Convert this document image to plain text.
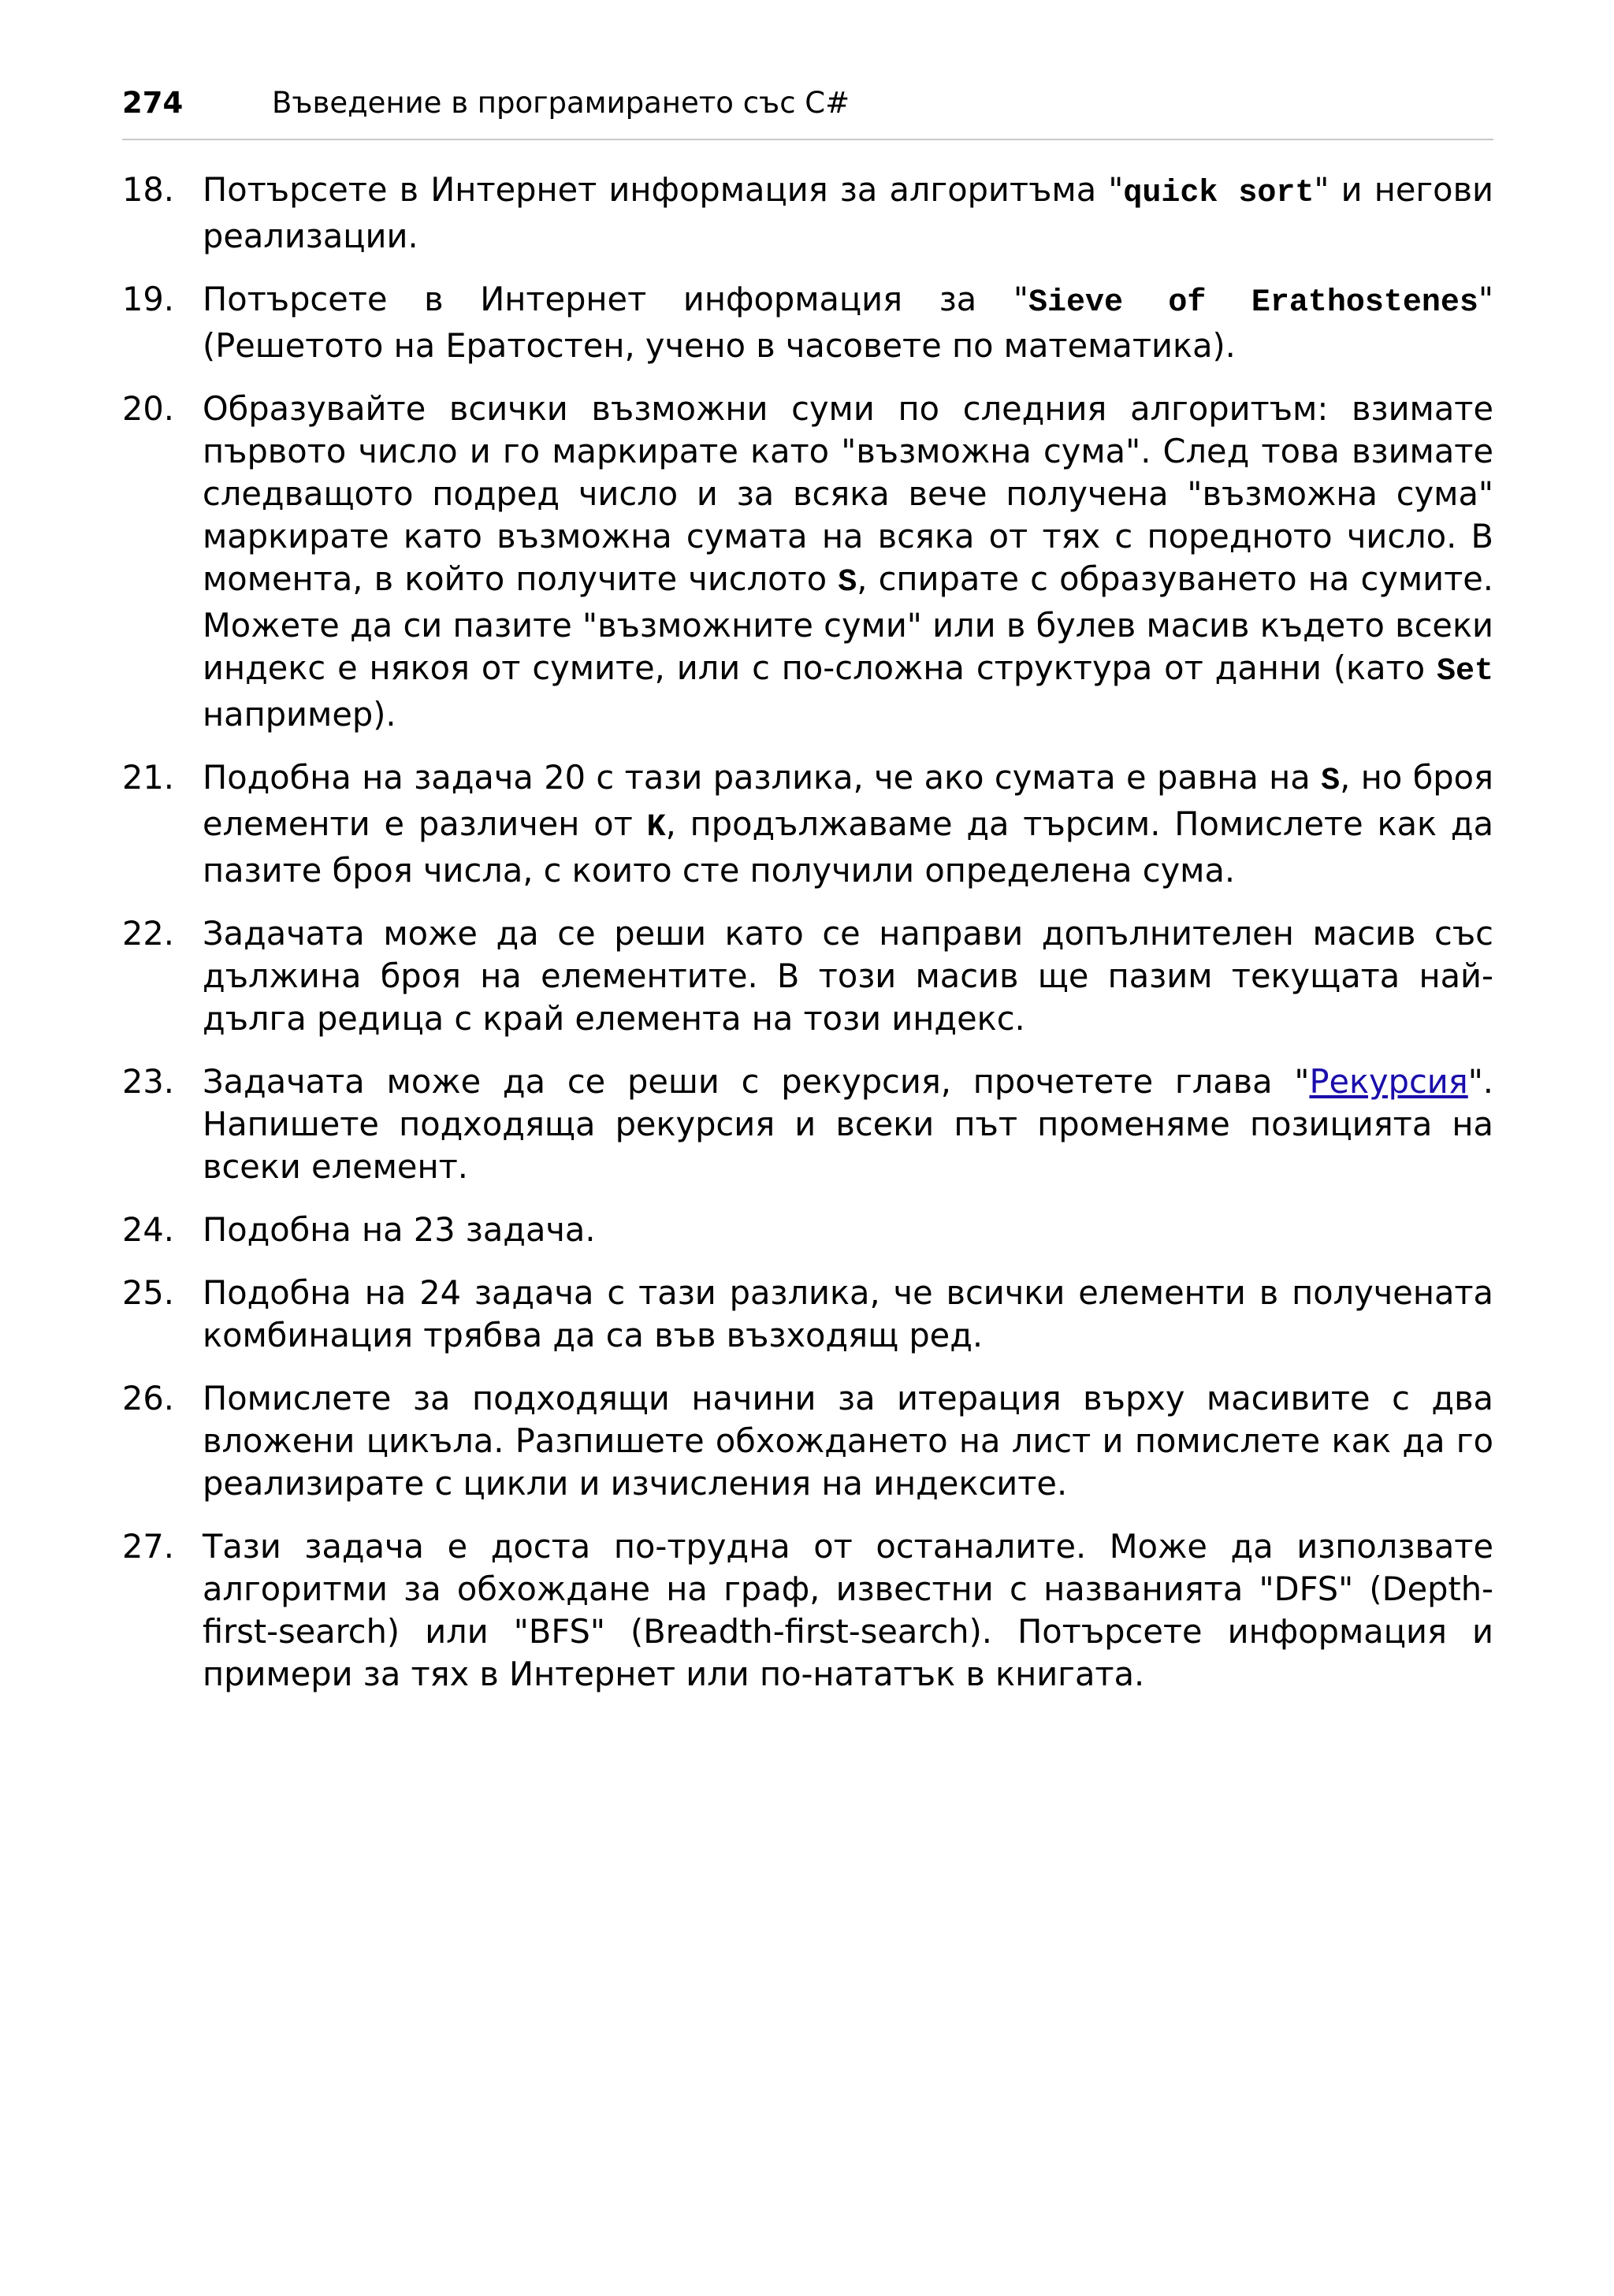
274	Въведение в програмирането със C#
18. Потърсете в Интернет информация за алгоритъма "quick sort" и негови реализации.
19. Потърсете в Интернет информация за "Sieve of Erathostenes" (Решетото на Ератостен, учено в часовете по математика).
20. Образувайте всички възможни суми по следния алгоритъм: взимате първото число и го маркирате като "възможна сума". След това взимате следващото подред число и за всяка вече получена "възможна сума" маркирате като възможна сумата на всяка от тях с поредното число. В момента, в който получите числото S, спирате с образуването на сумите. Можете да си пазите "възможните суми" или в булев масив където всеки индекс е някоя от сумите, или с по-сложна структура от данни (като Set например).
21. Подобна на задача 20 с тази разлика, че ако сумата е равна на S, но броя елементи е различен от K, продължаваме да търсим. Помислете как да пазите броя числа, с които сте получили определена сума.
22. Задачата може да се реши като се направи допълнителен масив със дължина броя на елементите. В този масив ще пазим текущата най-дълга редица с край елемента на този индекс.
23. Задачата може да се реши с рекурсия, прочетете глава "Рекурсия". Напишете подходяща рекурсия и всеки път променяме позицията на всеки елемент.
24. Подобна на 23 задача.
25. Подобна на 24 задача с тази разлика, че всички елементи в получената комбинация трябва да са във възходящ ред.
26. Помислете за подходящи начини за итерация върху масивите с два вложени цикъла. Разпишете обхождането на лист и помислете как да го реализирате с цикли и изчисления на индексите.
27. Тази задача е доста по-трудна от останалите. Може да използвате алгоритми за обхождане на граф, известни с названията "DFS" (Depth-first-search) или "BFS" (Breadth-first-search). Потърсете информация и примери за тях в Интернет или по-нататък в книгата.
